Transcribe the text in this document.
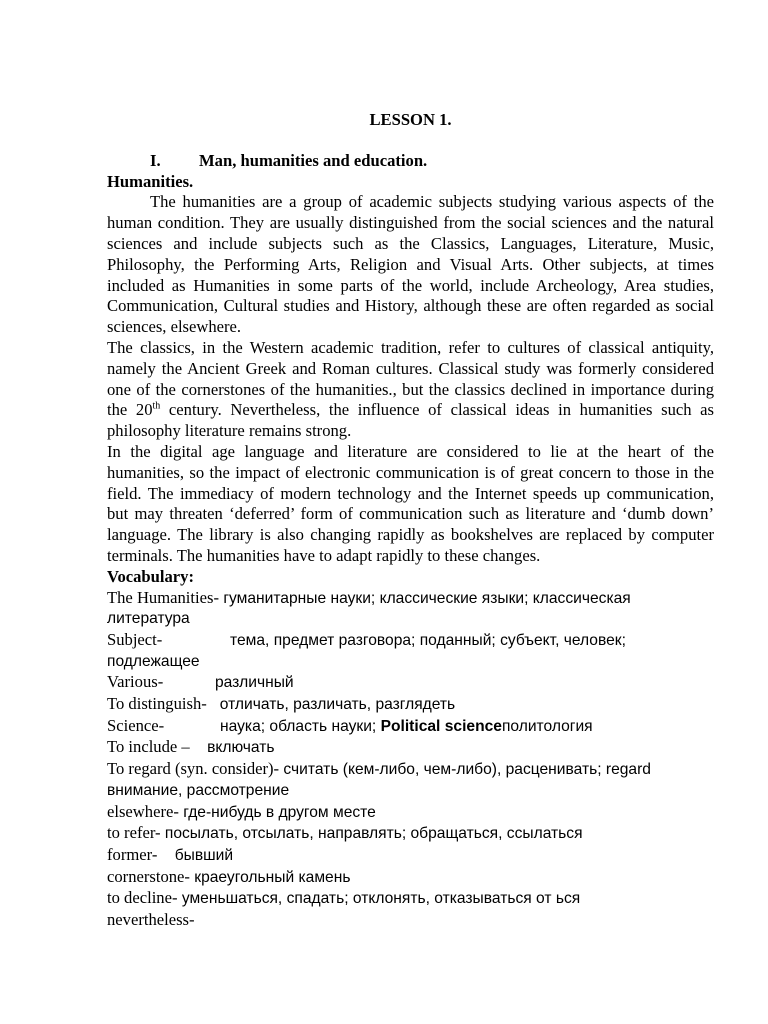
LESSON 1.

I.	Man, humanities and education.

Humanities.

The humanities are a group of academic subjects studying various aspects of the human condition. They are usually distinguished from the social sciences and the natural sciences and include subjects such as the Classics, Languages, Literature, Music, Philosophy, the Performing Arts, Religion and Visual Arts. Other subjects, at times included as Humanities in some parts of the world, include Archeology, Area studies, Communication, Cultural studies and History, although these are often regarded as social sciences, elsewhere.

The classics, in the Western academic tradition, refer to cultures of classical antiquity, namely the Ancient Greek and Roman cultures. Classical study was formerly considered one of the cornerstones of the humanities., but the classics declined in importance during the 20th century. Nevertheless, the influence of classical ideas in humanities such as philosophy literature remains strong.

In the digital age language and literature are considered to lie at the heart of the humanities, so the impact of electronic communication is of great concern to those in the field. The immediacy of modern technology and the Internet speeds up communication, but may threaten ‘deferred’ form of communication such as literature and ‘dumb down’ language. The library is also changing rapidly as bookshelves are replaced by computer terminals. The humanities have to adapt rapidly to these changes.

Vocabulary:

The Humanities- гуманитарные науки; классические языки; классическая литература

Subject-	тема, предмет разговора; поданный; субъект, человек; подлежащее

Various-	различный

To distinguish- отличать, различать, разглядеть

Science-	наука; область науки; Political scienceполитология

To include – включать

To regard (syn. consider)- считать (кем-либо, чем-либо), расценивать; regard внимание, рассмотрение

elsewhere- где-нибудь в другом месте

to refer- посылать, отсылать, направлять; обращаться, ссылаться

former- бывший

cornerstone- краеугольный камень

to decline- уменьшаться, спадать; отклонять, отказываться от ься

nevertheless-
